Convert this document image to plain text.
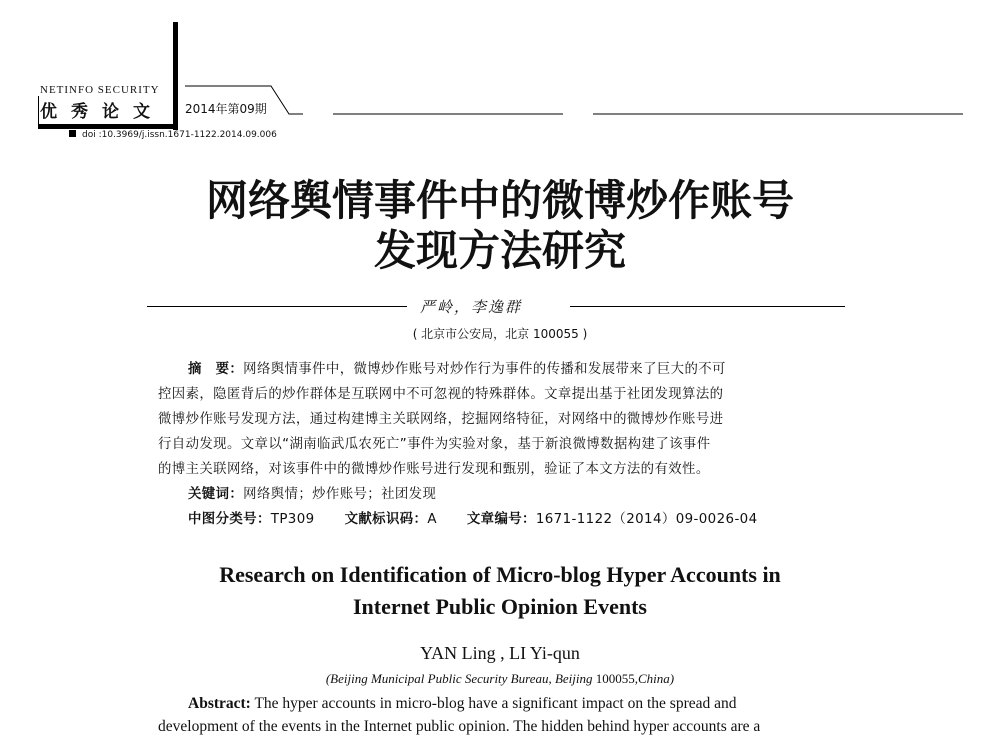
NETINFO SECURITY
优秀论文 2014年第09期
doi :10.3969/j.issn.1671-1122.2014.09.006
网络舆情事件中的微博炒作账号
发现方法研究
严岭，李逸群
( 北京市公安局，北京 100055 )
摘　要：网络舆情事件中，微博炒作账号对炒作行为事件的传播和发展带来了巨大的不可
控因素，隐匿背后的炒作群体是互联网中不可忽视的特殊群体。文章提出基于社团发现算法的
微博炒作账号发现方法，通过构建博主关联网络，挖掘网络特征，对网络中的微博炒作账号进
行自动发现。文章以“湖南临武瓜农死亡”事件为实验对象，基于新浪微博数据构建了该事件
的博主关联网络，对该事件中的微博炒作账号进行发现和甄别，验证了本文方法的有效性。
关键词：网络舆情；炒作账号；社团发现
中图分类号：TP309 文献标识码：A 文章编号：1671-1122（2014）09-0026-04
Research on Identification of Micro-blog Hyper Accounts in
Internet Public Opinion Events
YAN Ling , LI Yi-qun
(Beijing Municipal Public Security Bureau, Beijing 100055,China)
Abstract: The hyper accounts in micro-blog have a significant impact on the spread and
development of the events in the Internet public opinion. The hidden behind hyper accounts are a
